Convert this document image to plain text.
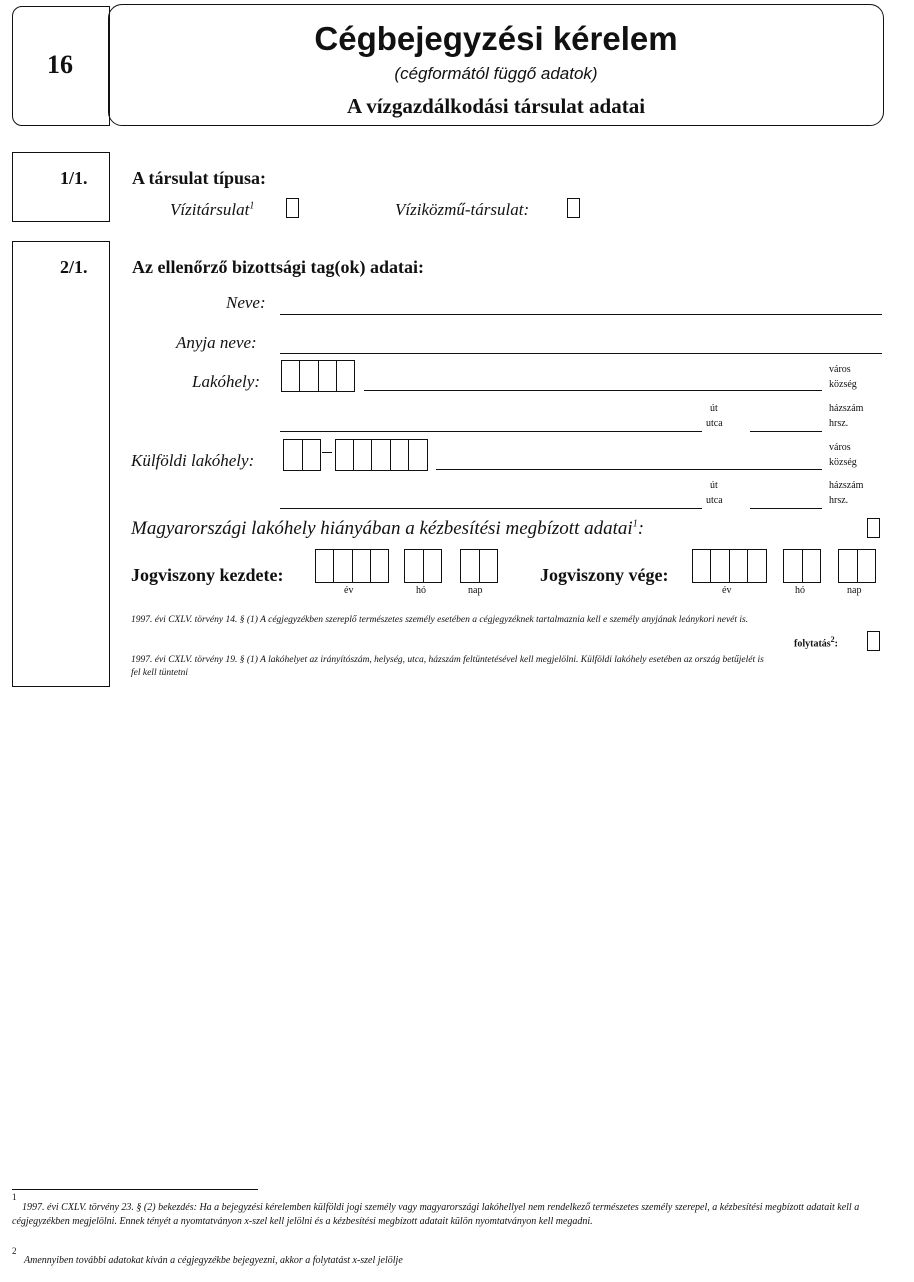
16
Cégbejegyzési kérelem
(cégformától függő adatok)
A vízgazdálkodási társulat adatai
1/1. A társulat típusa:
Vízitársulat$^1$	Víziközmű-társulat:
2/1. Az ellenőrző bizottsági tag(ok) adatai:
Neve:
Anyja neve:
Lakóhely:
város
község
út
utca
házszám
hrsz.
Külföldi lakóhely:
város
község
út
utca
házszám
hrsz.
Magyarországi lakóhely hiányában a kézbesítési megbízott adatai$^1$:
Jogviszony kezdete:
év	hó	nap
Jogviszony vége:
év	hó	nap
1997. évi CXLV. törvény 14. § (1) A cégjegyzékben szereplő természetes személy esetében a cégjegyzéknek tartalmaznia kell e személy anyjának leánykori nevét is.
folytatás$^2$:
1997. évi CXLV. törvény 19. § (1) A lakóhelyet az irányítószám, helység, utca, házszám feltüntetésével kell megjelölni. Külföldi lakóhely esetében az ország betűjelét is fel kell tüntetni
1
1997. évi CXLV. törvény 23. § (2) bekezdés: Ha a bejegyzési kérelemben külföldi jogi személy vagy magyarországi lakóhellyel nem rendelkező természetes személy szerepel, a kézbesítési megbízott adatait kell a cégjegyzékben megjelölni. Ennek tényét a nyomtatványon x-szel kell jelölni és a kézbesítési megbízott adatait külön nyomtatványon kell megadni.
2
Amennyiben további adatokat kíván a cégjegyzékbe bejegyezni, akkor a folytatást x-szel jelölje
